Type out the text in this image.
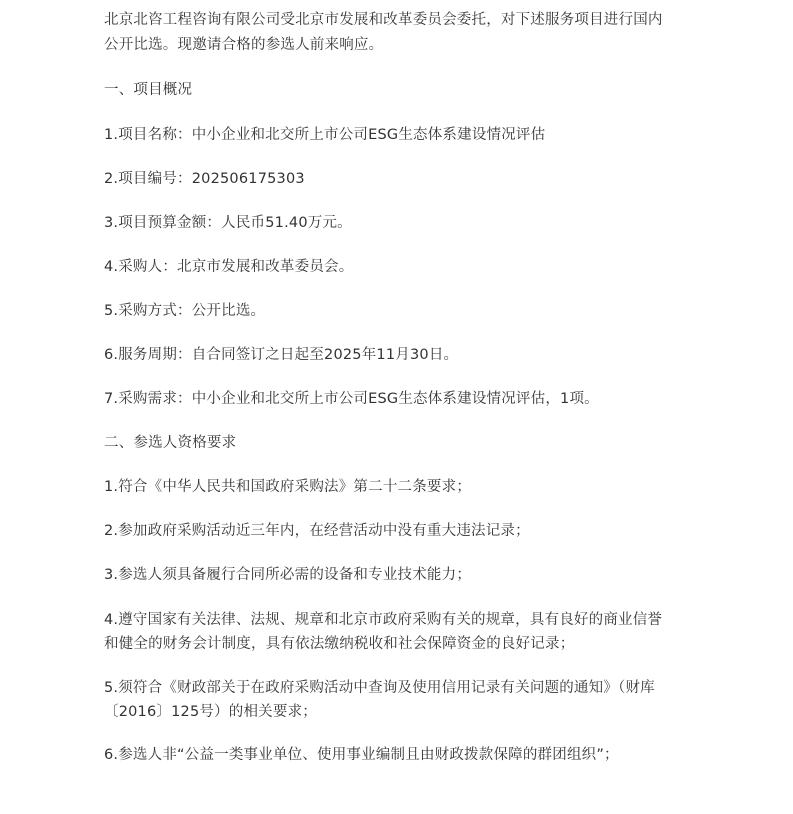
北京北咨工程咨询有限公司受北京市发展和改革委员会委托，对下述服务项目进行国内
公开比选。现邀请合格的参选人前来响应。
一、项目概况
1.项目名称：中小企业和北交所上市公司ESG生态体系建设情况评估
2.项目编号：202506175303
3.项目预算金额：人民币51.40万元。
4.采购人：北京市发展和改革委员会。
5.采购方式：公开比选。
6.服务周期：自合同签订之日起至2025年11月30日。
7.采购需求：中小企业和北交所上市公司ESG生态体系建设情况评估，1项。
二、参选人资格要求
1.符合《中华人民共和国政府采购法》第二十二条要求；
2.参加政府采购活动近三年内，在经营活动中没有重大违法记录；
3.参选人须具备履行合同所必需的设备和专业技术能力；
4.遵守国家有关法律、法规、规章和北京市政府采购有关的规章，具有良好的商业信誉
和健全的财务会计制度，具有依法缴纳税收和社会保障资金的良好记录；
5.须符合《财政部关于在政府采购活动中查询及使用信用记录有关问题的通知》（财库
〔2016〕125号）的相关要求；
6.参选人非“公益一类事业单位、使用事业编制且由财政拨款保障的群团组织”；
